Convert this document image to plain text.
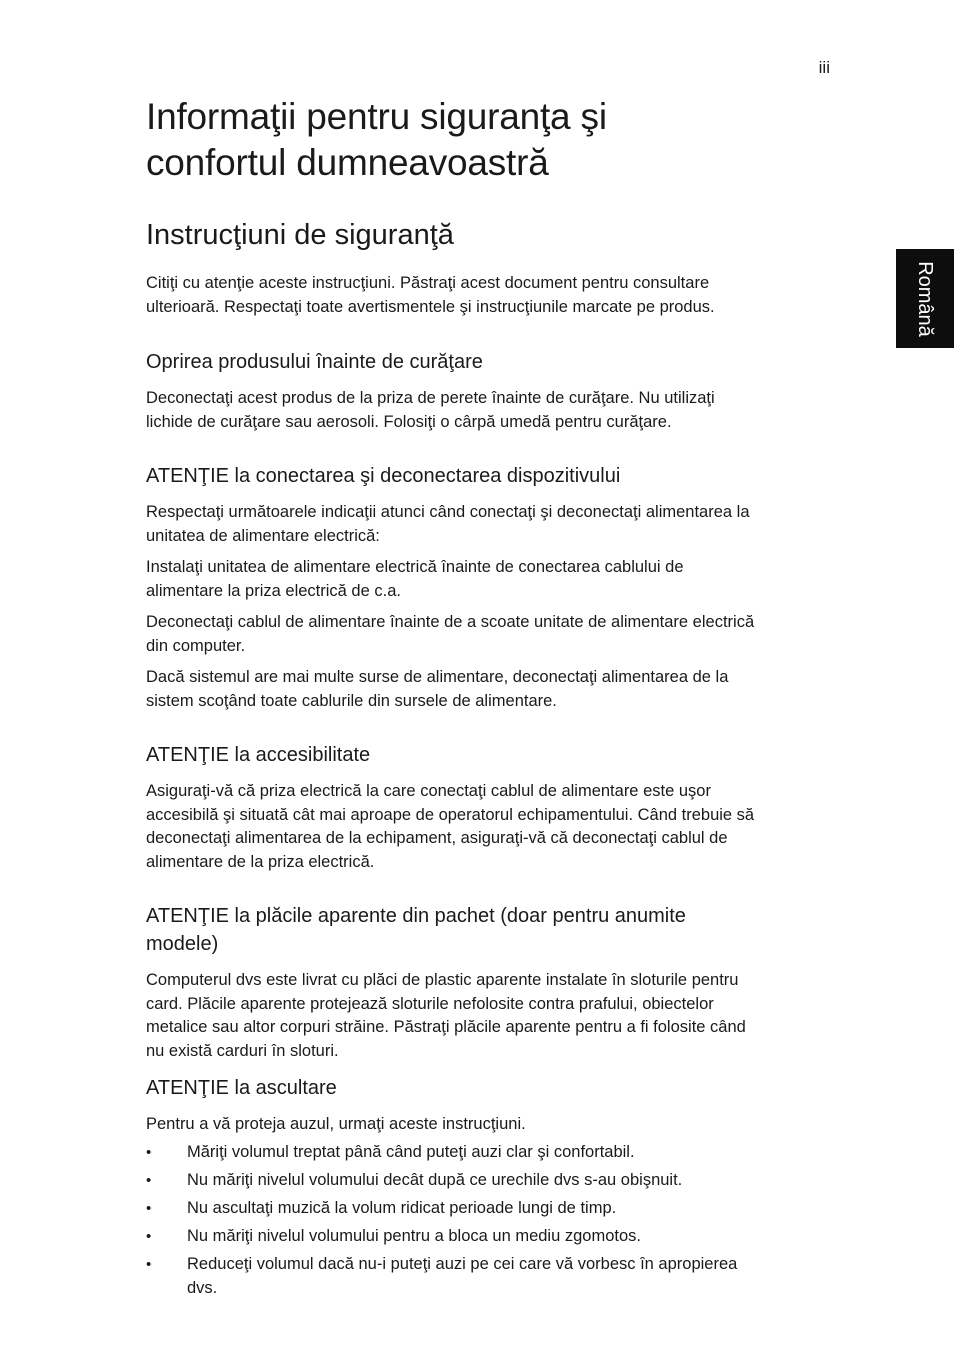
iii
Română
Informaţii pentru siguranţa şi
confortul dumneavoastră
Instrucţiuni de siguranţă

Citiţi cu atenţie aceste instrucţiuni. Păstraţi acest document pentru consultare
ulterioară. Respectaţi toate avertismentele şi instrucţiunile marcate pe produs.

Oprirea produsului înainte de curăţare

Deconectaţi acest produs de la priza de perete înainte de curăţare. Nu utilizaţi
lichide de curăţare sau aerosoli. Folosiţi o cârpă umedă pentru curăţare.

ATENŢIE la conectarea şi deconectarea dispozitivului

Respectaţi următoarele indicaţii atunci când conectaţi şi deconectaţi alimentarea la
unitatea de alimentare electrică:

Instalaţi unitatea de alimentare electrică înainte de conectarea cablului de
alimentare la priza electrică de c.a.

Deconectaţi cablul de alimentare înainte de a scoate unitate de alimentare electrică
din computer.

Dacă sistemul are mai multe surse de alimentare, deconectaţi alimentarea de la
sistem scoţând toate cablurile din sursele de alimentare.

ATENŢIE la accesibilitate

Asiguraţi-vă că priza electrică la care conectaţi cablul de alimentare este uşor
accesibilă şi situată cât mai aproape de operatorul echipamentului. Când trebuie să
deconectaţi alimentarea de la echipament, asiguraţi-vă că deconectaţi cablul de
alimentare de la priza electrică.

ATENŢIE la plăcile aparente din pachet (doar pentru anumite
modele)

Computerul dvs este livrat cu plăci de plastic aparente instalate în sloturile pentru
card. Plăcile aparente protejează sloturile nefolosite contra prafului, obiectelor
metalice sau altor corpuri străine. Păstraţi plăcile aparente pentru a fi folosite când
nu există carduri în sloturi.

ATENŢIE la ascultare

Pentru a vă proteja auzul, urmaţi aceste instrucţiuni.

• Măriţi volumul treptat până când puteţi auzi clar şi confortabil.
• Nu măriţi nivelul volumului decât după ce urechile dvs s-au obişnuit.
• Nu ascultaţi muzică la volum ridicat perioade lungi de timp.
• Nu măriţi nivelul volumului pentru a bloca un mediu zgomotos.
• Reduceţi volumul dacă nu-i puteţi auzi pe cei care vă vorbesc în apropierea
dvs.
